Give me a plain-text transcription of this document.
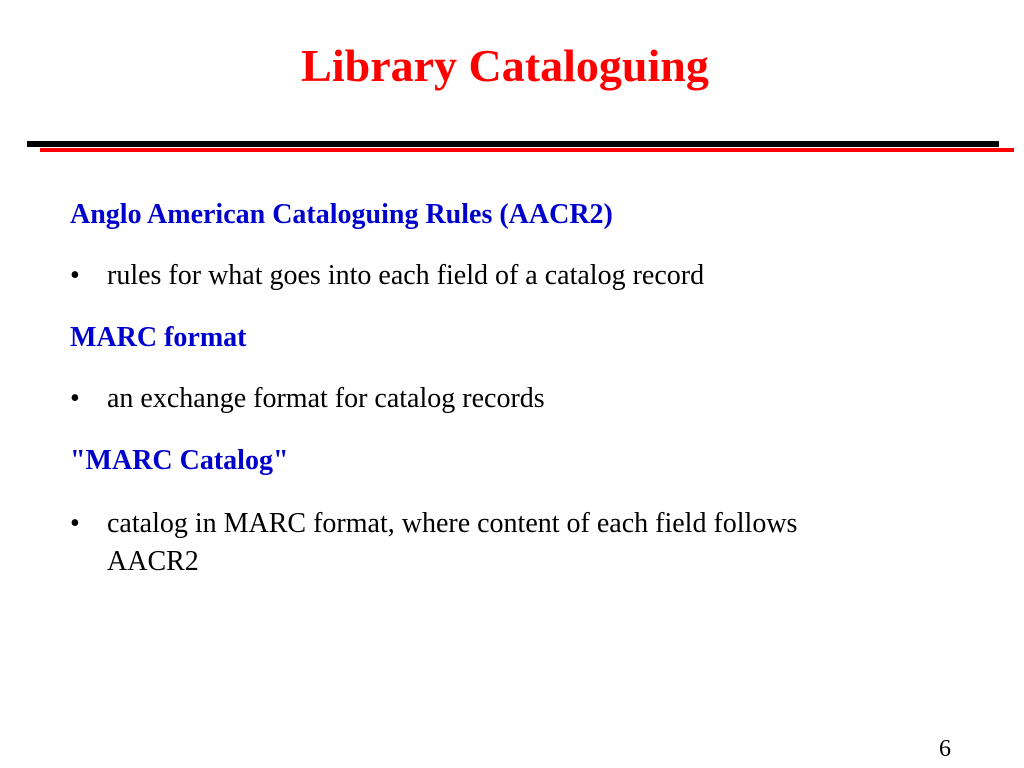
Library Cataloguing

Anglo American Cataloguing Rules (AACR2)

• rules for what goes into each field of a catalog record

MARC format

• an exchange format for catalog records

"MARC Catalog"

• catalog in MARC format, where content of each field follows AACR2
6
